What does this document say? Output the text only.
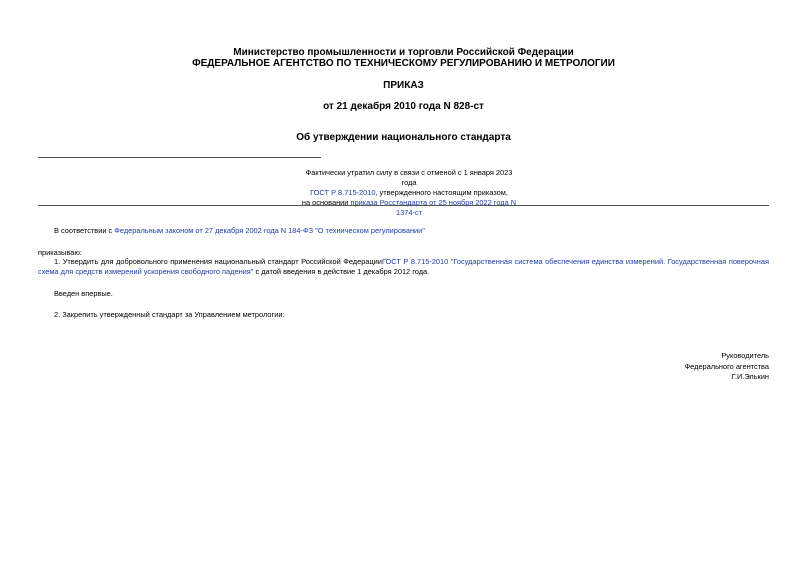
Министерство промышленности и торговли Российской Федерации
ФЕДЕРАЛЬНОЕ АГЕНТСТВО ПО ТЕХНИЧЕСКОМУ РЕГУЛИРОВАНИЮ И МЕТРОЛОГИИ
ПРИКАЗ
от 21 декабря 2010 года N 828-ст
Об утверждении национального стандарта
Фактически утратил силу в связи с отменой с 1 января 2023 года
ГОСТ Р 8.715-2010, утвержденного настоящим приказом,
на основании приказа Росстандарта от 25 ноября 2022 года N 1374-ст
В соответствии с Федеральным законом от 27 декабря 2002 года N 184-ФЗ "О техническом регулировании"
приказываю:
1. Утвердить для добровольного применения национальный стандарт Российской ФедерацииГОСТ Р 8.715-2010 "Государственная система обеспечения единства измерений. Государственная поверочная схема для средств измерений ускорения свободного падения" с датой введения в действие 1 декабря 2012 года.
Введен впервые.
2. Закрепить утвержденный стандарт за Управлением метрологии.
Руководитель
Федерального агентства
Г.И.Элькин
